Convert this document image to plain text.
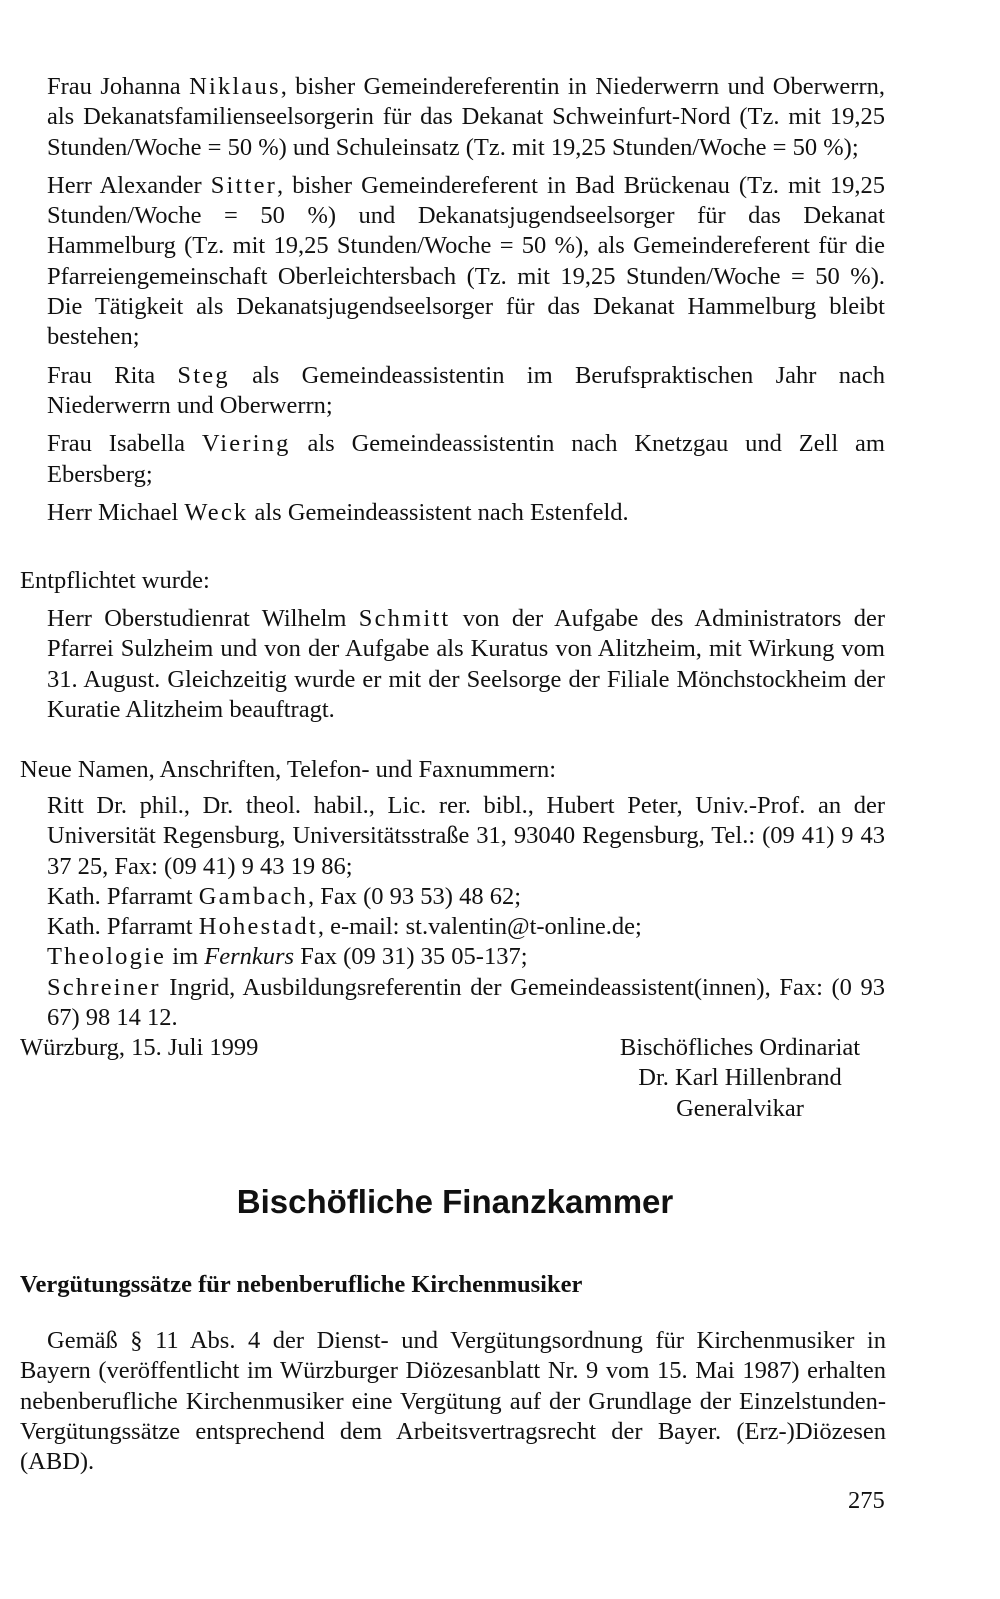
Frau Johanna Niklaus, bisher Gemeindereferentin in Niederwerrn und Oberwerrn, als Dekanatsfamilienseelsorgerin für das Dekanat Schweinfurt-Nord (Tz. mit 19,25 Stunden/Woche = 50 %) und Schuleinsatz (Tz. mit 19,25 Stunden/Woche = 50 %);

Herr Alexander Sitter, bisher Gemeindereferent in Bad Brückenau (Tz. mit 19,25 Stunden/Woche = 50 %) und Dekanatsjugendseelsorger für das Dekanat Hammelburg (Tz. mit 19,25 Stunden/Woche = 50 %), als Gemeindereferent für die Pfarreiengemeinschaft Oberleichtersbach (Tz. mit 19,25 Stunden/Woche = 50 %). Die Tätigkeit als Dekanatsjugendseelsorger für das Dekanat Hammelburg bleibt bestehen;

Frau Rita Steg als Gemeindeassistentin im Berufspraktischen Jahr nach Niederwerrn und Oberwerrn;

Frau Isabella Viering als Gemeindeassistentin nach Knetzgau und Zell am Ebersberg;

Herr Michael Weck als Gemeindeassistent nach Estenfeld.

Entpflichtet wurde:

Herr Oberstudienrat Wilhelm Schmitt von der Aufgabe des Administrators der Pfarrei Sulzheim und von der Aufgabe als Kuratus von Alitzheim, mit Wirkung vom 31. August. Gleichzeitig wurde er mit der Seelsorge der Filiale Mönchstockheim der Kuratie Alitzheim beauftragt.

Neue Namen, Anschriften, Telefon- und Faxnummern:
Ritt Dr. phil., Dr. theol. habil., Lic. rer. bibl., Hubert Peter, Univ.-Prof. an der Universität Regensburg, Universitätsstraße 31, 93040 Regensburg, Tel.: (09 41) 9 43 37 25, Fax: (09 41) 9 43 19 86;
Kath. Pfarramt Gambach, Fax (0 93 53) 48 62;
Kath. Pfarramt Hohestadt, e-mail: st.valentin@t-online.de;
Theologie im Fernkurs Fax (09 31) 35 05-137;
Schreiner Ingrid, Ausbildungsreferentin der Gemeindeassistent(innen), Fax: (0 93 67) 98 14 12.
Würzburg, 15. Juli 1999	Bischöfliches Ordinariat
Dr. Karl Hillenbrand
Generalvikar
Bischöfliche Finanzkammer
Vergütungssätze für nebenberufliche Kirchenmusiker
Gemäß § 11 Abs. 4 der Dienst- und Vergütungsordnung für Kirchenmusiker in Bayern (veröffentlicht im Würzburger Diözesanblatt Nr. 9 vom 15. Mai 1987) erhalten nebenberufliche Kirchenmusiker eine Vergütung auf der Grundlage der Einzelstunden-Vergütungssätze entsprechend dem Arbeitsvertragsrecht der Bayer. (Erz-)Diözesen (ABD).
275
